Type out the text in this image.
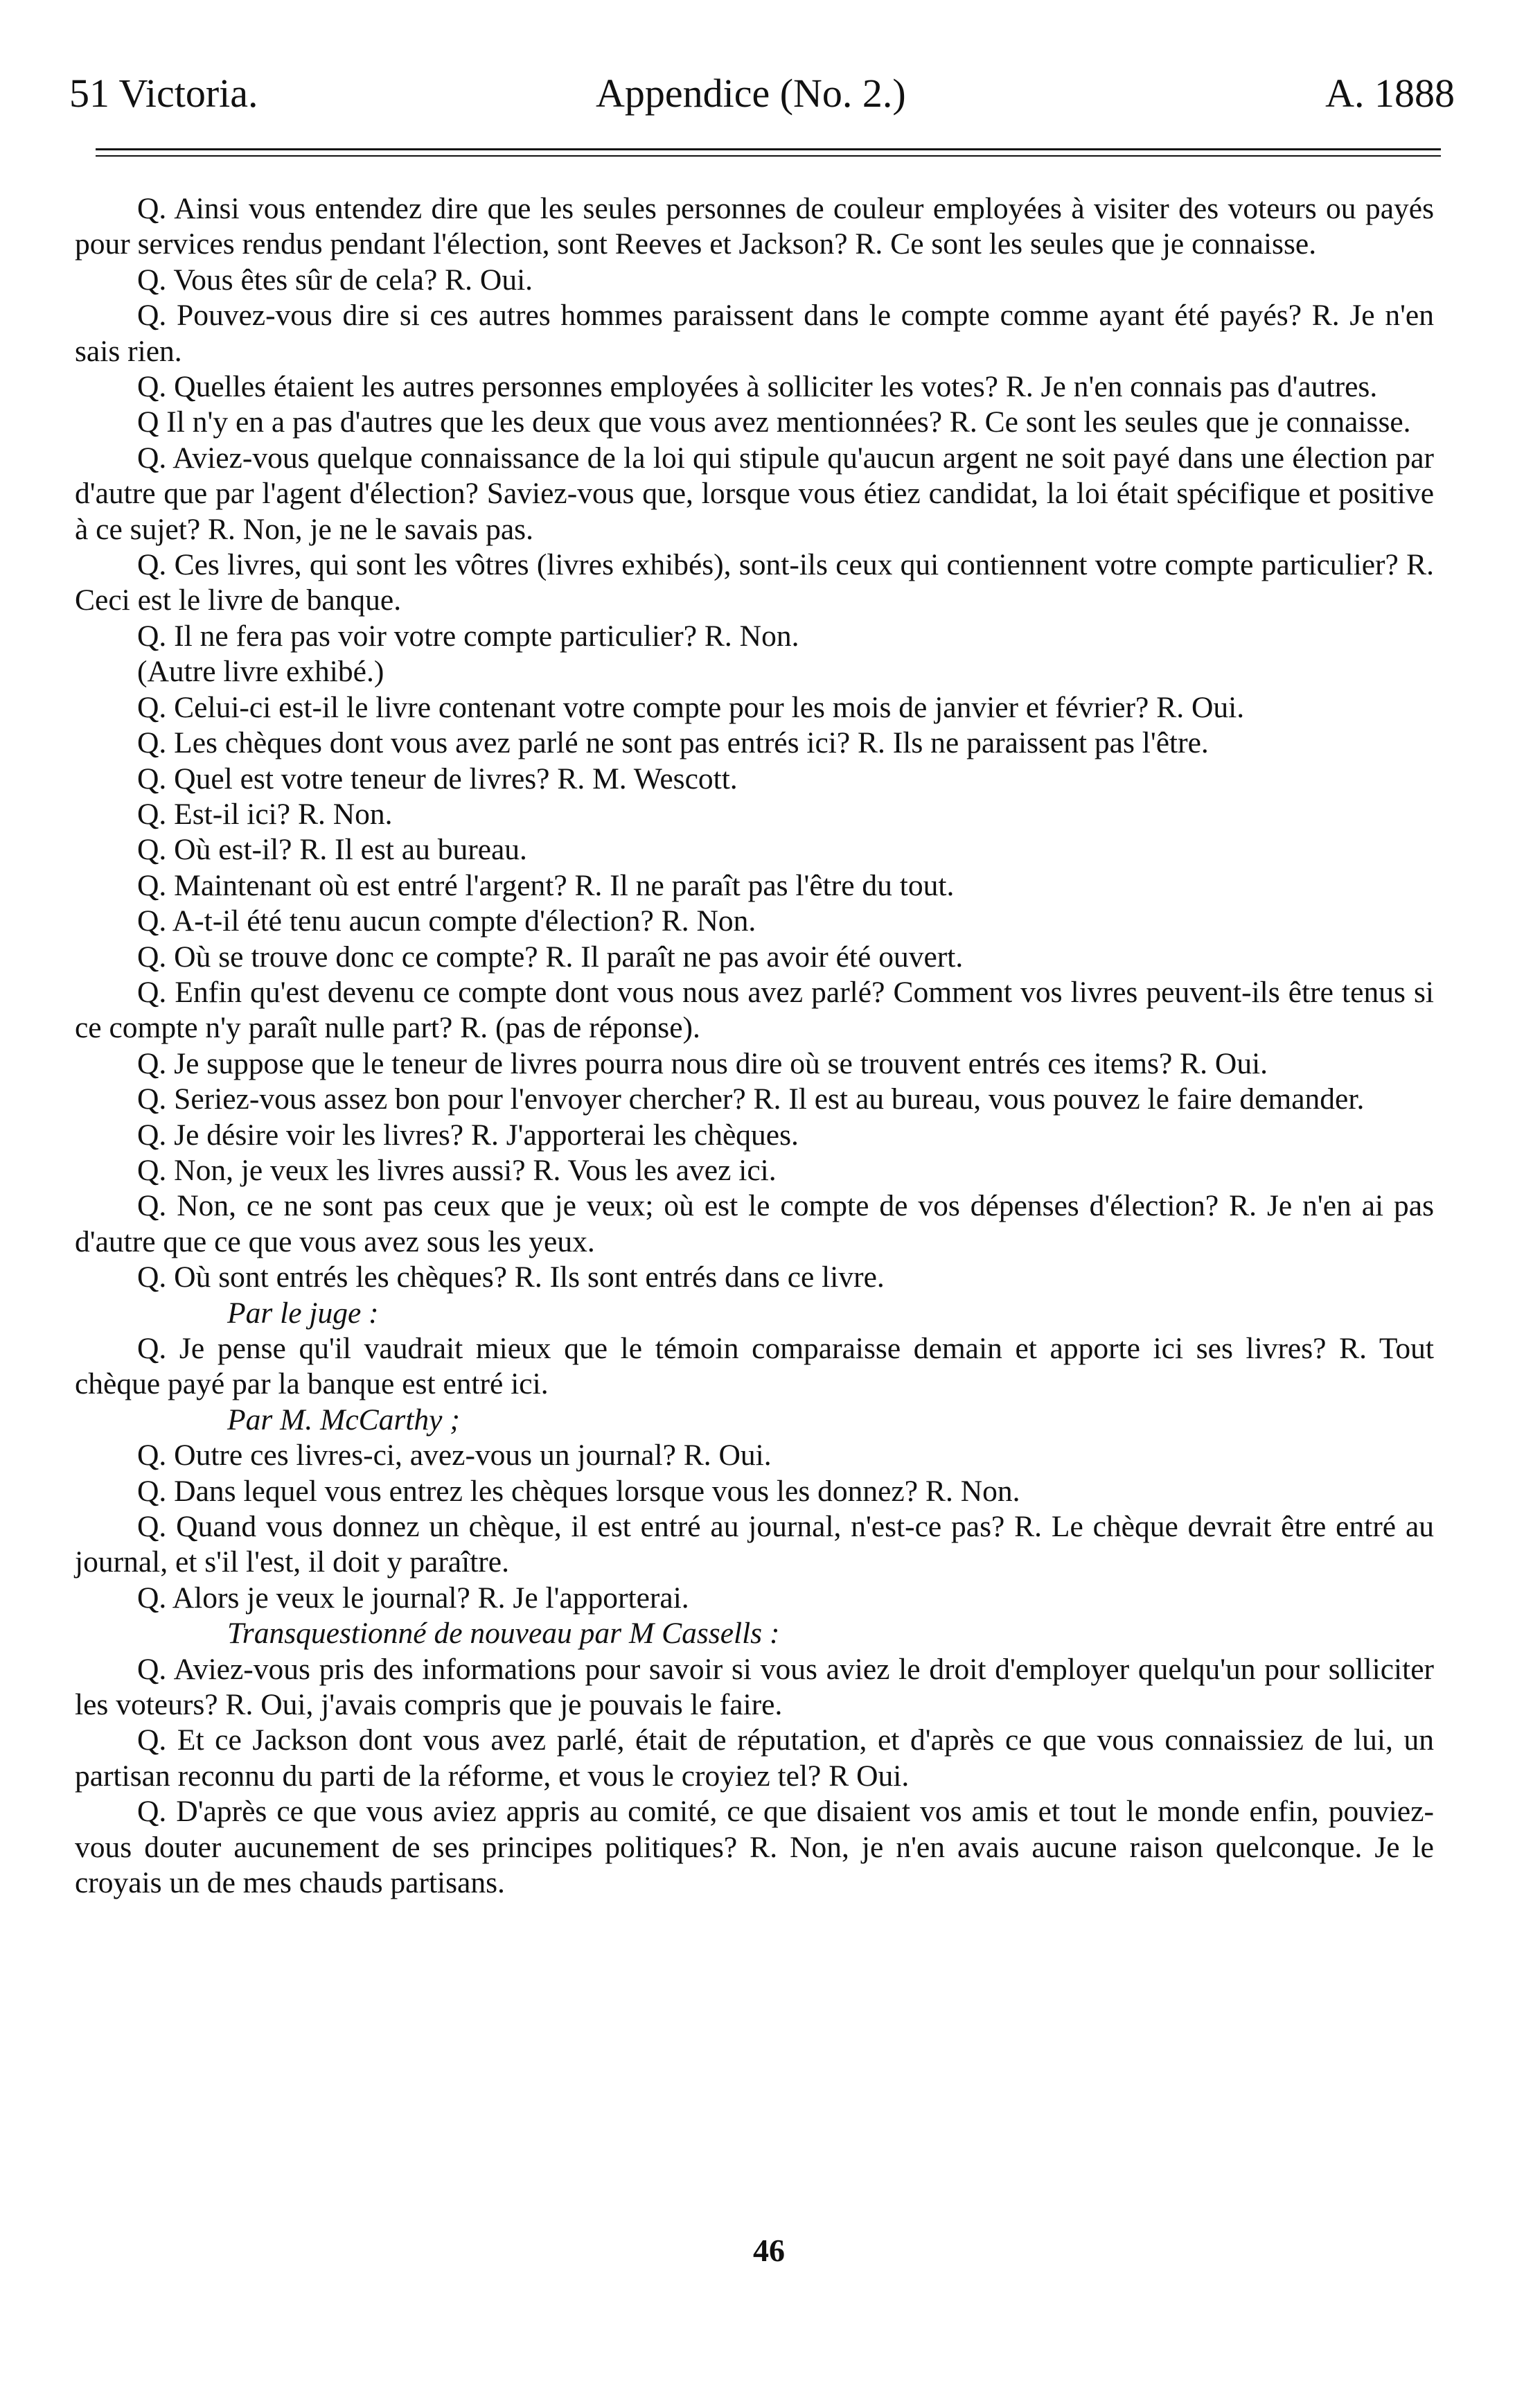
51 Victoria.	Appendice (No. 2.)	A. 1888

Q. Ainsi vous entendez dire que les seules personnes de couleur employées à visiter des voteurs ou payés pour services rendus pendant l'élection, sont Reeves et Jackson? R. Ce sont les seules que je connaisse.

Q. Vous êtes sûr de cela? R. Oui.

Q. Pouvez-vous dire si ces autres hommes paraissent dans le compte comme ayant été payés? R. Je n'en sais rien.

Q. Quelles étaient les autres personnes employées à solliciter les votes? R. Je n'en connais pas d'autres.

Q Il n'y en a pas d'autres que les deux que vous avez mentionnées? R. Ce sont les seules que je connaisse.

Q. Aviez-vous quelque connaissance de la loi qui stipule qu'aucun argent ne soit payé dans une élection par d'autre que par l'agent d'élection? Saviez-vous que, lorsque vous étiez candidat, la loi était spécifique et positive à ce sujet? R. Non, je ne le savais pas.

Q. Ces livres, qui sont les vôtres (livres exhibés), sont-ils ceux qui contiennent votre compte particulier? R. Ceci est le livre de banque.

Q. Il ne fera pas voir votre compte particulier? R. Non.

(Autre livre exhibé.)

Q. Celui-ci est-il le livre contenant votre compte pour les mois de janvier et février? R. Oui.

Q. Les chèques dont vous avez parlé ne sont pas entrés ici? R. Ils ne paraissent pas l'être.

Q. Quel est votre teneur de livres? R. M. Wescott.

Q. Est-il ici? R. Non.

Q. Où est-il? R. Il est au bureau.

Q. Maintenant où est entré l'argent? R. Il ne paraît pas l'être du tout.

Q. A-t-il été tenu aucun compte d'élection? R. Non.

Q. Où se trouve donc ce compte? R. Il paraît ne pas avoir été ouvert.

Q. Enfin qu'est devenu ce compte dont vous nous avez parlé? Comment vos livres peuvent-ils être tenus si ce compte n'y paraît nulle part? R. (pas de réponse).

Q. Je suppose que le teneur de livres pourra nous dire où se trouvent entrés ces items? R. Oui.

Q. Seriez-vous assez bon pour l'envoyer chercher? R. Il est au bureau, vous pouvez le faire demander.

Q. Je désire voir les livres? R. J'apporterai les chèques.

Q. Non, je veux les livres aussi? R. Vous les avez ici.

Q. Non, ce ne sont pas ceux que je veux; où est le compte de vos dépenses d'élection? R. Je n'en ai pas d'autre que ce que vous avez sous les yeux.

Q. Où sont entrés les chèques? R. Ils sont entrés dans ce livre.

Par le juge :

Q. Je pense qu'il vaudrait mieux que le témoin comparaisse demain et apporte ici ses livres? R. Tout chèque payé par la banque est entré ici.

Par M. McCarthy ;

Q. Outre ces livres-ci, avez-vous un journal? R. Oui.

Q. Dans lequel vous entrez les chèques lorsque vous les donnez? R. Non.

Q. Quand vous donnez un chèque, il est entré au journal, n'est-ce pas? R. Le chèque devrait être entré au journal, et s'il l'est, il doit y paraître.

Q. Alors je veux le journal? R. Je l'apporterai.

Transquestionné de nouveau par M Cassells :

Q. Aviez-vous pris des informations pour savoir si vous aviez le droit d'employer quelqu'un pour solliciter les voteurs? R. Oui, j'avais compris que je pouvais le faire.

Q. Et ce Jackson dont vous avez parlé, était de réputation, et d'après ce que vous connaissiez de lui, un partisan reconnu du parti de la réforme, et vous le croyiez tel? R Oui.

Q. D'après ce que vous aviez appris au comité, ce que disaient vos amis et tout le monde enfin, pouviez-vous douter aucunement de ses principes politiques? R. Non, je n'en avais aucune raison quelconque. Je le croyais un de mes chauds partisans.

46
